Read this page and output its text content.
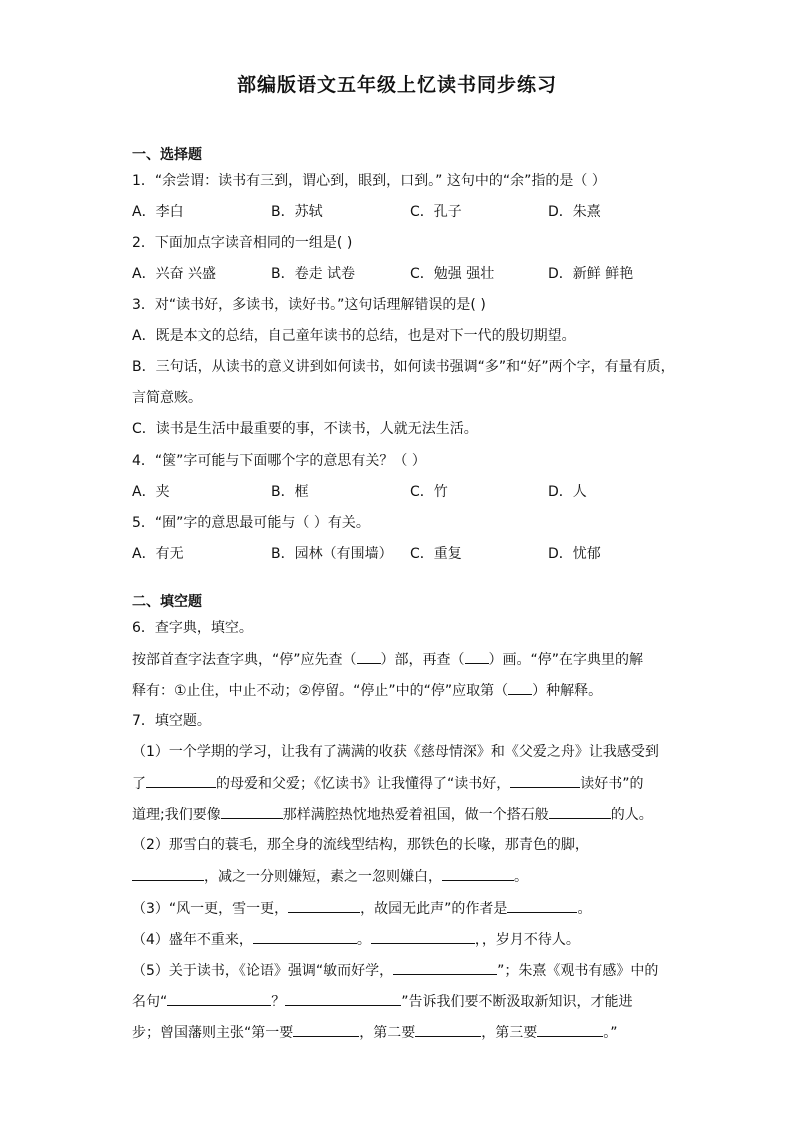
部编版语文五年级上忆读书同步练习
一、选择题
1．“余尝谓：读书有三到，谓心到，眼到，口到。” 这句中的“余”指的是（ ）
A．李白	B．苏轼	C．孔子	D．朱熹
2．下面加点字读音相同的一组是( )
A．兴奋 兴盛	B．卷走 试卷	C．勉强 强壮	D．新鲜 鲜艳
3．对“读书好，多读书，读好书。”这句话理解错误的是( )
A．既是本文的总结，自己童年读书的总结，也是对下一代的殷切期望。
B．三句话，从读书的意义讲到如何读书，如何读书强调“多”和“好”两个字，有量有质，
言简意赅。
C．读书是生活中最重要的事，不读书，人就无法生活。
4．“箧”字可能与下面哪个字的意思有关？（ ）
A．夹	B．框	C．竹	D．人
5．“囿”字的意思最可能与（ ）有关。
A．有无	B．园林（有围墙） C．重复	D．忧郁
二、填空题
6．查字典，填空。
按部首查字法查字典，“停”应先查（ ）部，再查（ ）画。“停”在字典里的解
释有：①止住，中止不动；②停留。“停止”中的“停”应取第（ ）种解释。
7．填空题。
（1）一个学期的学习，让我有了满满的收获《慈母情深》和《父爱之舟》让我感受到
了	的母爱和父爱；《忆读书》让我懂得了“读书好，	读好书”的
道理;我们要像	那样满腔热忱地热爱着祖国，做一个搭石般	的人。
（2）那雪白的蓑毛，那全身的流线型结构，那铁色的长喙，那青色的脚，
，减之一分则嫌短，素之一忽则嫌白，	。
（3）“风一更，雪一更，	，故园无此声”的作者是	。
（4）盛年不重来，	。	，，岁月不待人。
（5）关于读书，《论语》强调“敏而好学，	”；朱熹《观书有感》中的
名句“	？	”告诉我们要不断汲取新知识，才能进
步；曾国藩则主张“第一要	，第二要	，第三要	。”
